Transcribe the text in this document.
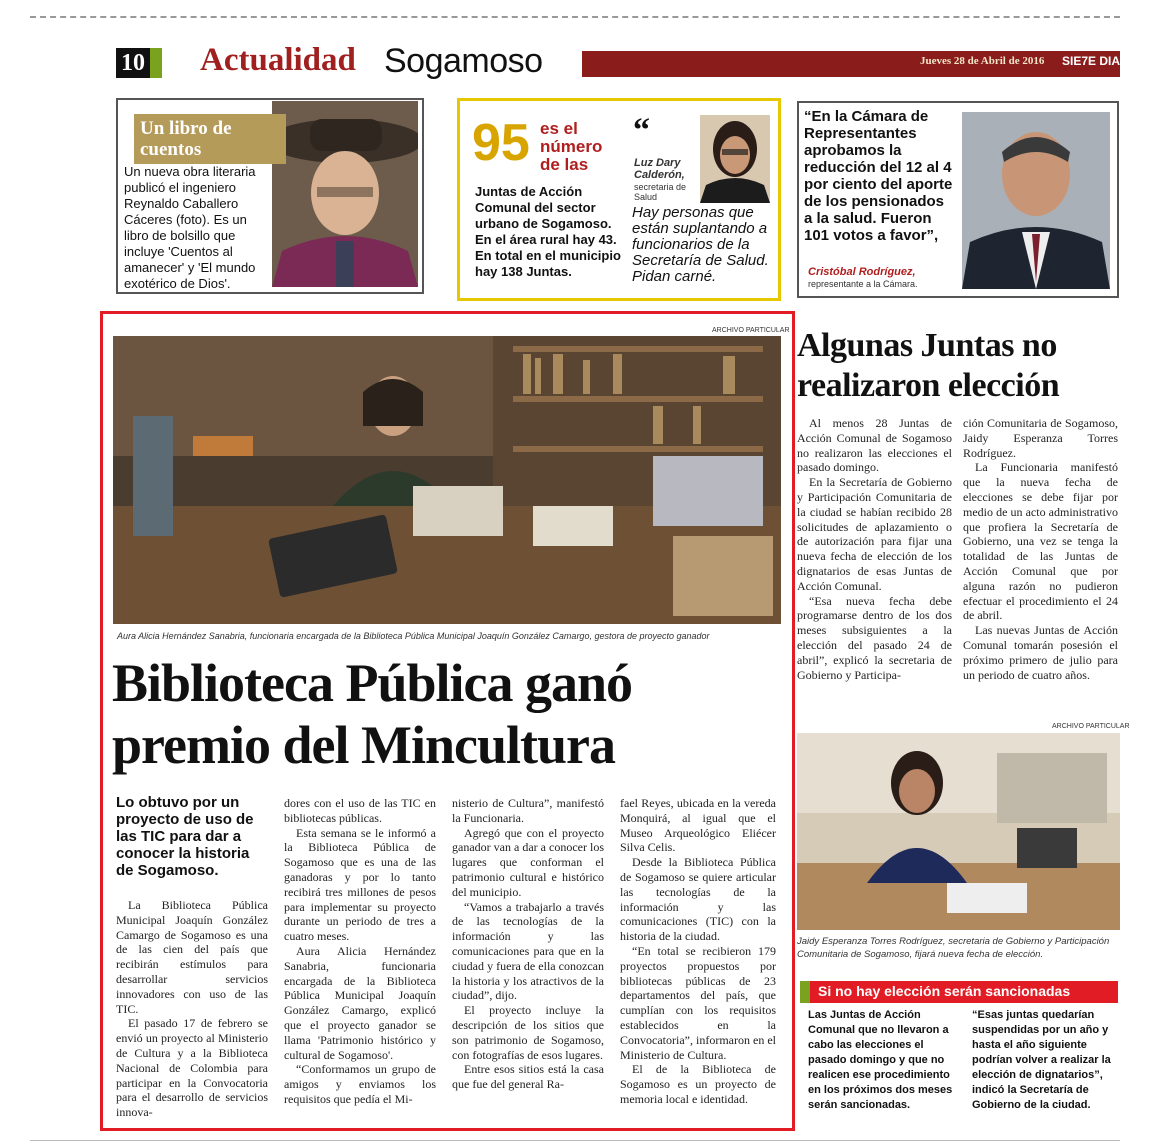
10 Actualidad Sogamoso	Jueves 28 de Abril de 2016 SIE7E DIAS
Un libro de cuentos
Un nueva obra literaria publicó el ingeniero Reynaldo Caballero Cáceres (foto). Es un libro de bolsillo que incluye 'Cuentos al amanecer' y 'El mundo exotérico de Dios'.
95 es el número de las
Juntas de Acción Comunal del sector urbano de Sogamoso. En el área rural hay 43. En total en el municipio hay 138 Juntas.
“
Luz Dary Calderón,
secretaria de Salud
Hay personas que están suplantando a funcionarios de la Secretaría de Salud. Pidan carné.
“En la Cámara de Representantes aprobamos la reducción del 12 al 4 por ciento del aporte de los pensionados a la salud. Fueron 101 votos a favor”,
Cristóbal Rodríguez,
representante a la Cámara.
ARCHIVO PARTICULAR
Aura Alicia Hernández Sanabria, funcionaria encargada de la Biblioteca Pública Municipal Joaquín González Camargo, gestora de proyecto ganador
Biblioteca Pública ganó premio del Mincultura
Lo obtuvo por un proyecto de uso de las TIC para dar a conocer la historia de Sogamoso.

La Biblioteca Pública Municipal Joaquín González Camargo de Sogamoso es una de las cien del país que recibirán estímulos para desarrollar servicios innovadores con uso de las TIC.

El pasado 17 de febrero se envió un proyecto al Ministerio de Cultura y a la Biblioteca Nacional de Colombia para participar en la Convocatoria para el desarrollo de servicios innova-

dores con el uso de las TIC en bibliotecas públicas.

Esta semana se le informó a la Biblioteca Pública de Sogamoso que es una de las ganadoras y por lo tanto recibirá tres millones de pesos para implementar su proyecto durante un periodo de tres a cuatro meses.

Aura Alicia Hernández Sanabria, funcionaria encargada de la Biblioteca Pública Municipal Joaquín González Camargo, explicó que el proyecto ganador se llama 'Patrimonio histórico y cultural de Sogamoso'.

“Conformamos un grupo de amigos y enviamos los requisitos que pedía el Mi-

nisterio de Cultura”, manifestó la Funcionaria.

Agregó que con el proyecto ganador van a dar a conocer los lugares que conforman el patrimonio cultural e histórico del municipio.

“Vamos a trabajarlo a través de las tecnologías de la información y las comunicaciones para que en la ciudad y fuera de ella conozcan la historia y los atractivos de la ciudad”, dijo.

El proyecto incluye la descripción de los sitios que son patrimonio de Sogamoso, con fotografías de esos lugares.

Entre esos sitios está la casa que fue del general Ra-

fael Reyes, ubicada en la vereda Monquirá, al igual que el Museo Arqueológico Eliécer Silva Celis.

Desde la Biblioteca Pública de Sogamoso se quiere articular las tecnologías de la información y las comunicaciones (TIC) con la historia de la ciudad.

“En total se recibieron 179 proyectos propuestos por bibliotecas públicas de 23 departamentos del país, que cumplían con los requisitos establecidos en la Convocatoria”, informaron en el Ministerio de Cultura.

El de la Biblioteca de Sogamoso es un proyecto de memoria local e identidad.

Algunas Juntas no realizaron elección

Al menos 28 Juntas de Acción Comunal de Sogamoso no realizaron las elecciones el pasado domingo.

En la Secretaría de Gobierno y Participación Comunitaria de la ciudad se habían recibido 28 solicitudes de aplazamiento o de autorización para fijar una nueva fecha de elección de los dignatarios de esas Juntas de Acción Comunal.

“Esa nueva fecha debe programarse dentro de los dos meses subsiguientes a la elección del pasado 24 de abril”, explicó la secretaria de Gobierno y Participa-

ción Comunitaria de Sogamoso, Jaidy Esperanza Torres Rodríguez.

La Funcionaria manifestó que la nueva fecha de elecciones se debe fijar por medio de un acto administrativo que profiera la Secretaría de Gobierno, una vez se tenga la totalidad de las Juntas de Acción Comunal que por alguna razón no pudieron efectuar el procedimiento el 24 de abril.

Las nuevas Juntas de Acción Comunal tomarán posesión el próximo primero de julio para un periodo de cuatro años.

ARCHIVO PARTICULAR
Jaidy Esperanza Torres Rodríguez, secretaria de Gobierno y Participación Comunitaria de Sogamoso, fijará nueva fecha de elección.
Si no hay elección serán sancionadas
Las Juntas de Acción Comunal que no llevaron a cabo las elecciones el pasado domingo y que no realicen ese procedimiento en los próximos dos meses serán sancionadas.
“Esas juntas quedarían suspendidas por un año y hasta el año siguiente podrían volver a realizar la elección de dignatarios”, indicó la Secretaría de Gobierno de la ciudad.
